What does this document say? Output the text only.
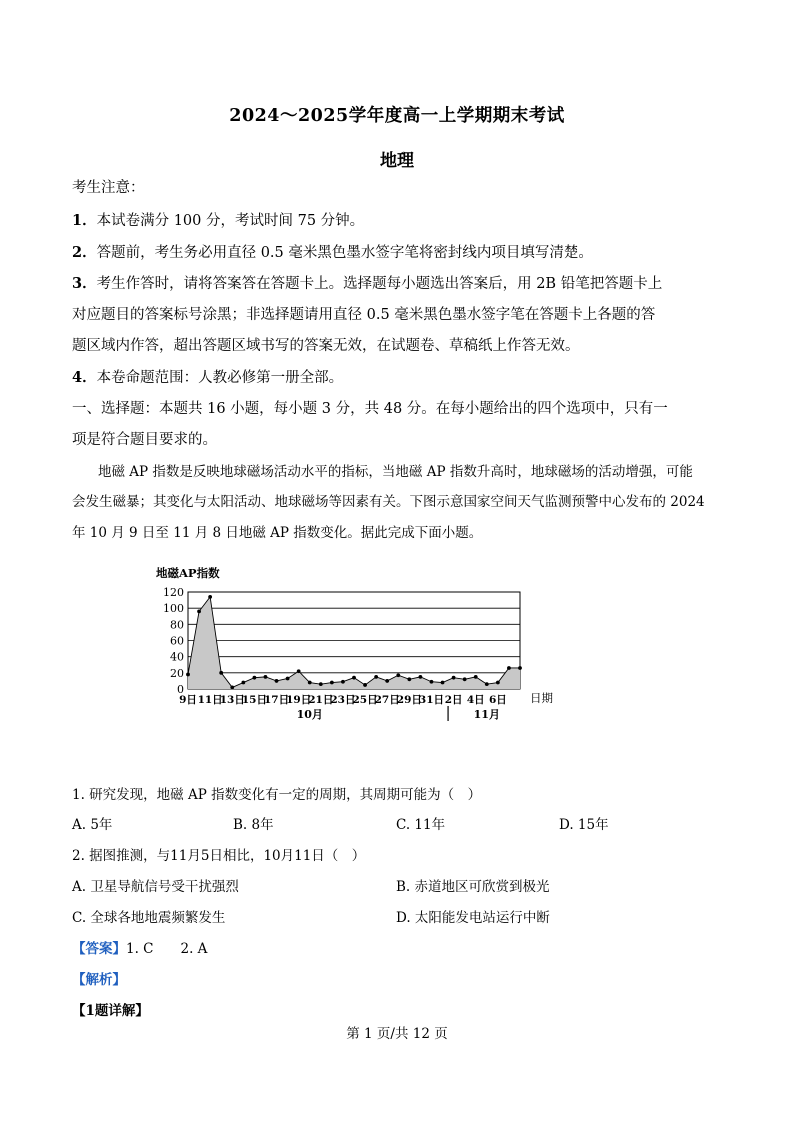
2024～2025学年度高一上学期期末考试
地理
考生注意：
1．本试卷满分 100 分，考试时间 75 分钟。
2．答题前，考生务必用直径 0.5 毫米黑色墨水签字笔将密封线内项目填写清楚。
3．考生作答时，请将答案答在答题卡上。选择题每小题选出答案后，用 2B 铅笔把答题卡上
对应题目的答案标号涂黑；非选择题请用直径 0.5 毫米黑色墨水签字笔在答题卡上各题的答
题区域内作答，超出答题区域书写的答案无效，在试题卷、草稿纸上作答无效。
4．本卷命题范围：人教必修第一册全部。
一、选择题：本题共 16 小题，每小题 3 分，共 48 分。在每小题给出的四个选项中，只有一
项是符合题目要求的。
地磁 AP 指数是反映地球磁场活动水平的指标，当地磁 AP 指数升高时，地球磁场的活动增强，可能
会发生磁暴；其变化与太阳活动、地球磁场等因素有关。下图示意国家空间天气监测预警中心发布的 2024
年 10 月 9 日至 11 月 8 日地磁 AP 指数变化。据此完成下面小题。
地磁AP指数
日期
0
20
40
60
80
100
120
9日 11日
13日
15日
17日
19日
21日
23日
25日
27日
29日
31日 2日 4日 6日
10月	11月
1. 研究发现，地磁 AP 指数变化有一定的周期，其周期可能为（　）
A. 5年	B. 8年	C. 11年	D. 15年
2. 据图推测，与11月5日相比，10月11日（　）
A. 卫星导航信号受干扰强烈	B. 赤道地区可欣赏到极光
C. 全球各地地震频繁发生	D. 太阳能发电站运行中断
【答案】1. C　　2. A
【解析】
【1题详解】
第 1 页/共 12 页
